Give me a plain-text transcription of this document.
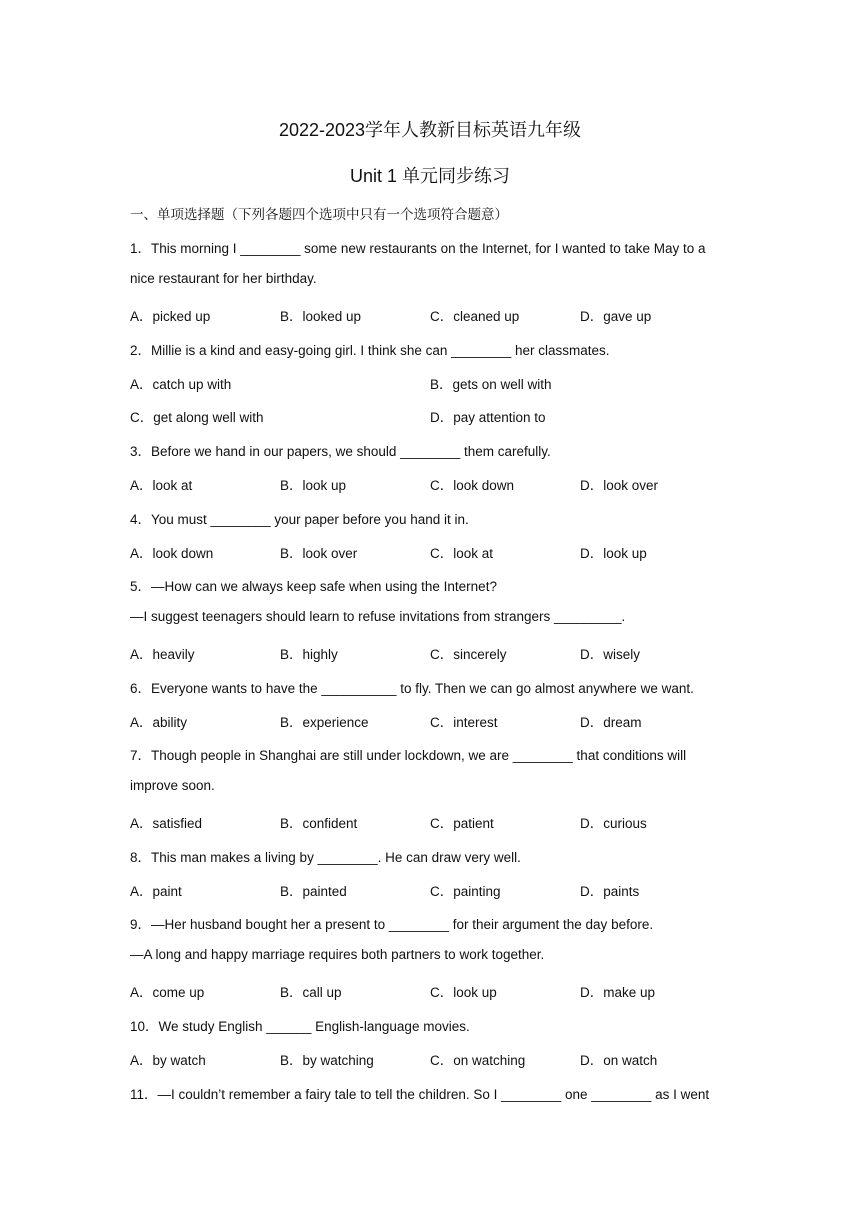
2022-2023学年人教新目标英语九年级
Unit 1 单元同步练习
一、单项选择题（下列各题四个选项中只有一个选项符合题意）
1．This morning I ________ some new restaurants on the Internet, for I wanted to take May to a
nice restaurant for her birthday.
A．picked up	B．looked up	C．cleaned up	D．gave up
2．Millie is a kind and easy-going girl. I think she can ________ her classmates.
A．catch up with	B．gets on well with
C．get along well with	D．pay attention to
3．Before we hand in our papers, we should ________ them carefully.
A．look at	B．look up	C．look down	D．look over
4．You must ________ your paper before you hand it in.
A．look down	B．look over	C．look at	D．look up
5．—How can we always keep safe when using the Internet?
—I suggest teenagers should learn to refuse invitations from strangers _________.
A．heavily	B．highly	C．sincerely	D．wisely
6．Everyone wants to have the __________ to fly. Then we can go almost anywhere we want.
A．ability	B．experience	C．interest	D．dream
7．Though people in Shanghai are still under lockdown, we are ________ that conditions will
improve soon.
A．satisfied	B．confident	C．patient	D．curious
8．This man makes a living by ________. He can draw very well.
A．paint	B．painted	C．painting	D．paints
9．—Her husband bought her a present to ________ for their argument the day before.
—A long and happy marriage requires both partners to work together.
A．come up	B．call up	C．look up	D．make up
10．We study English ______ English-language movies.
A．by watch	B．by watching	C．on watching	D．on watch
11．—I couldn’t remember a fairy tale to tell the children. So I ________ one ________ as I went
